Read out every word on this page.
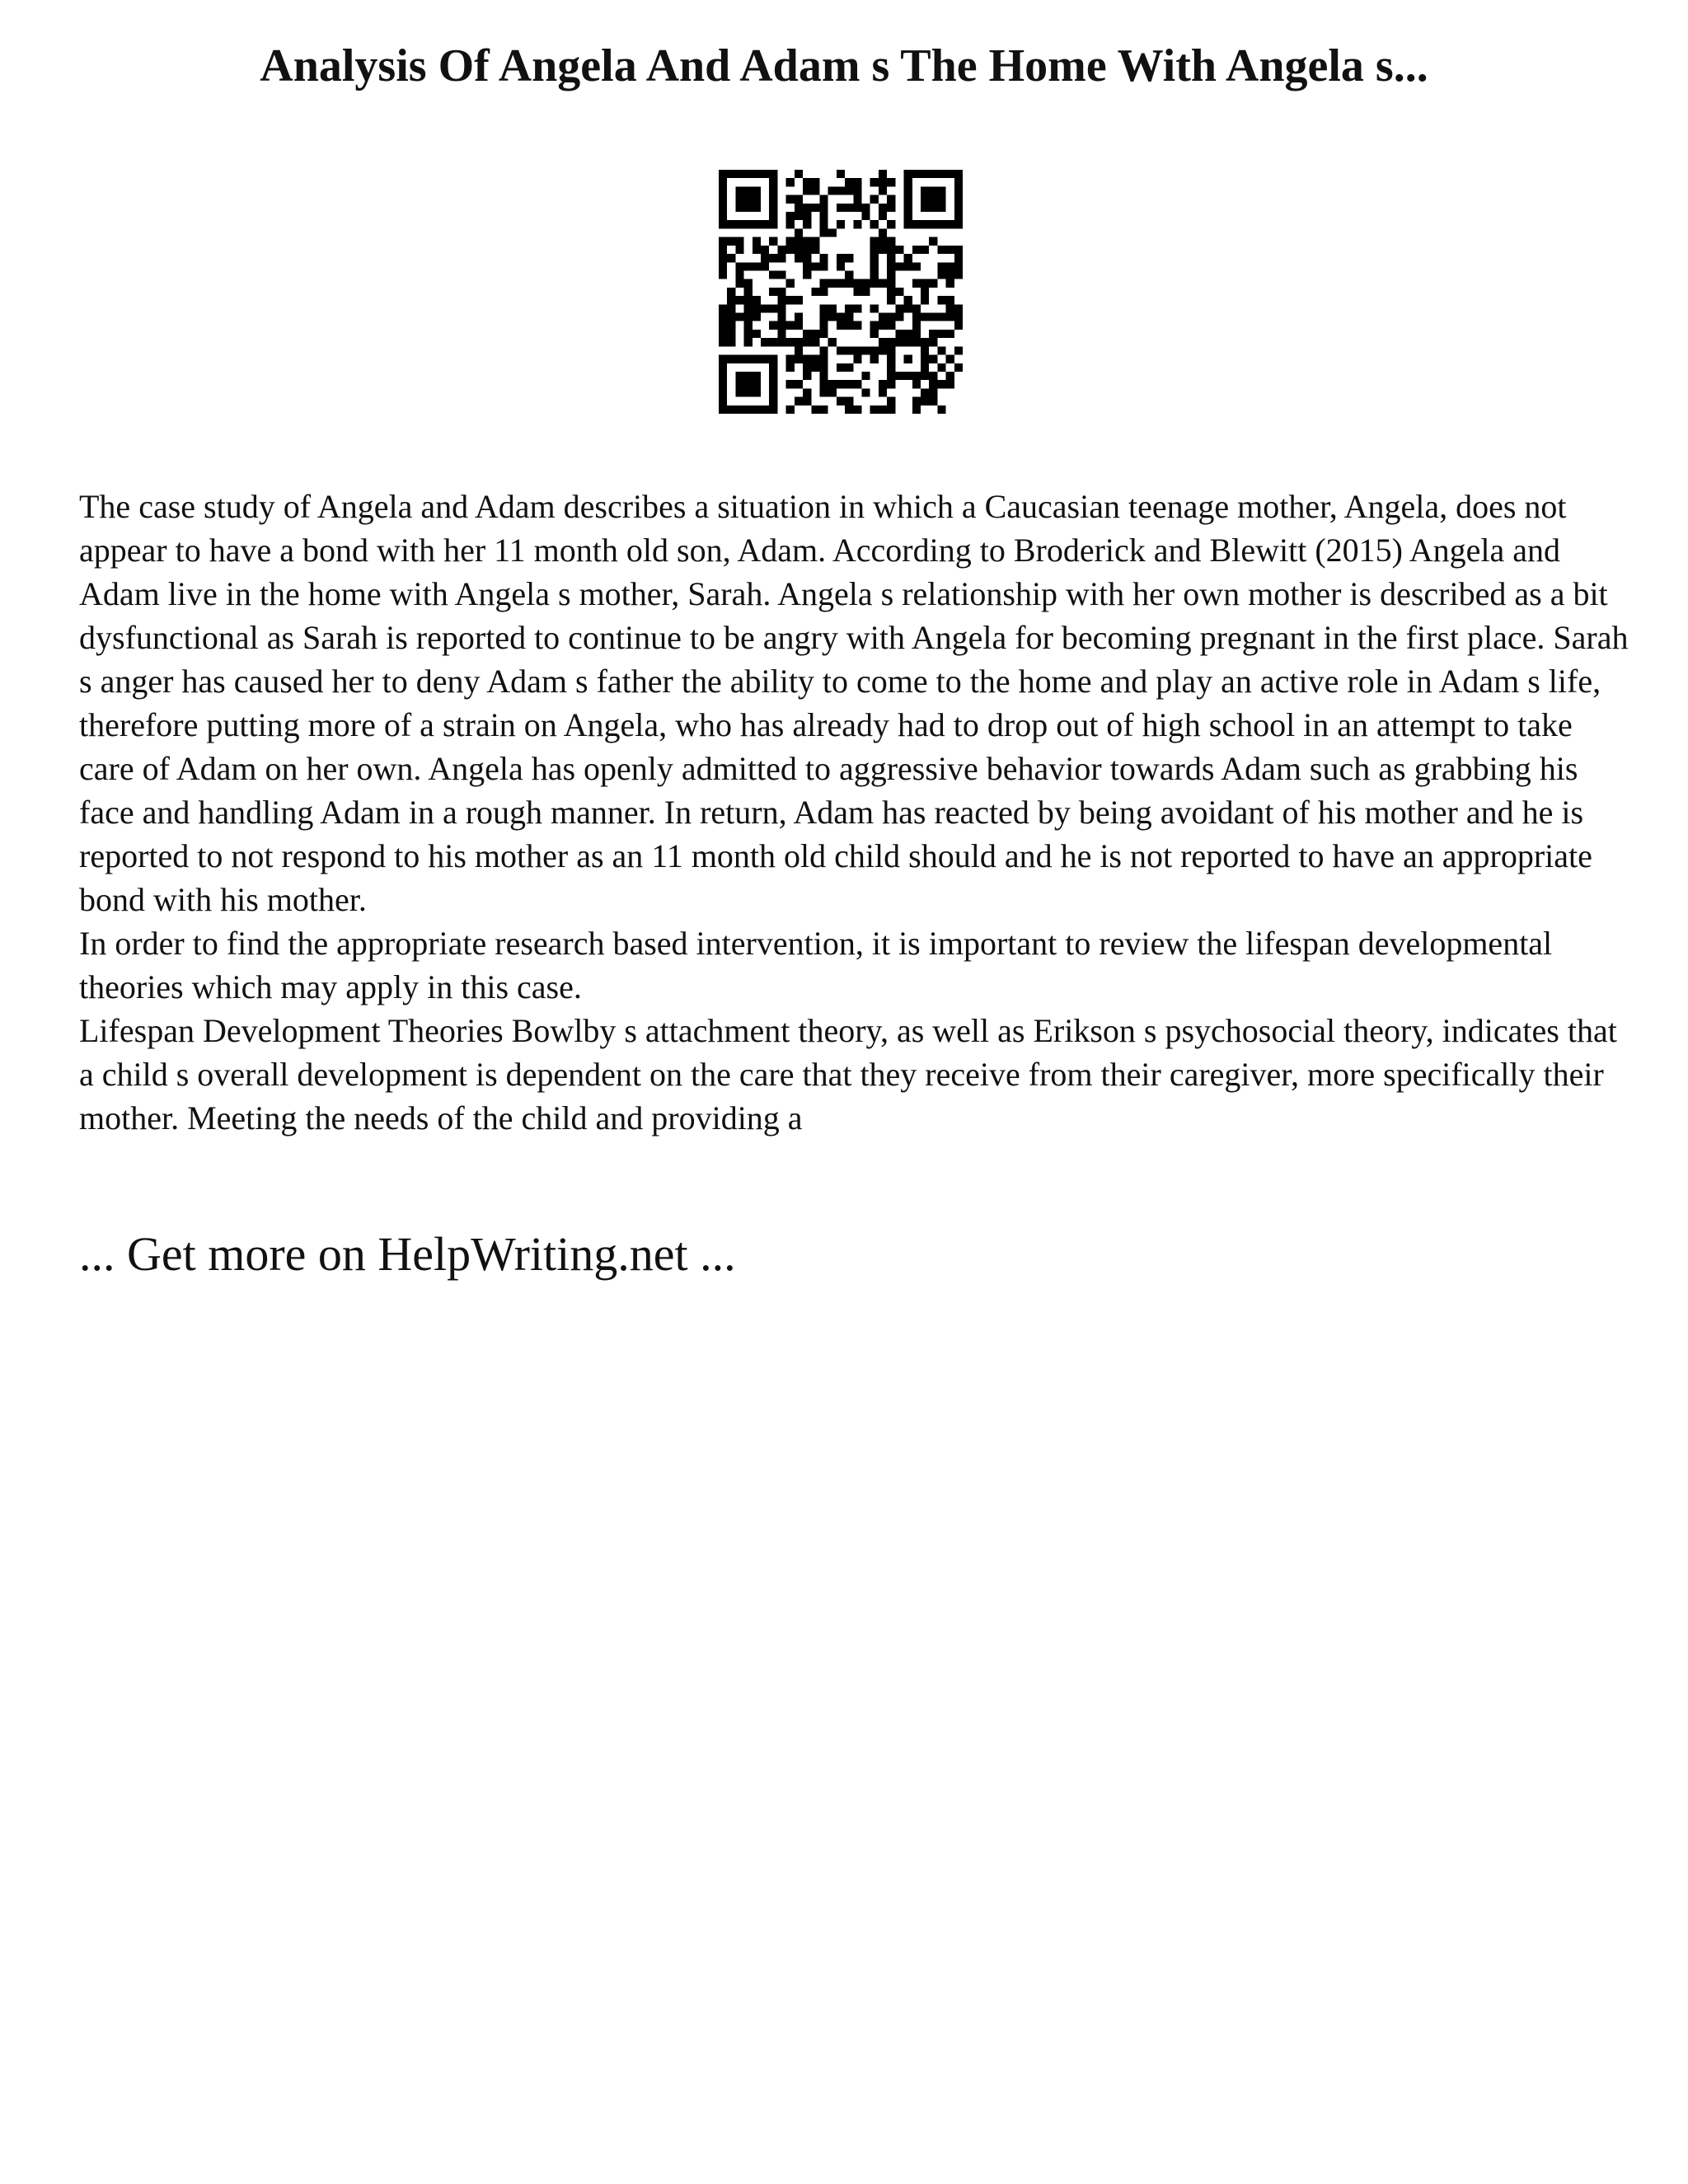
Analysis Of Angela And Adam s The Home With Angela s...

The case study of Angela and Adam describes a situation in which a Caucasian teenage mother, Angela, does not appear to have a bond with her 11 month old son, Adam. According to Broderick and Blewitt (2015) Angela and Adam live in the home with Angela s mother, Sarah. Angela s relationship with her own mother is described as a bit dysfunctional as Sarah is reported to continue to be angry with Angela for becoming pregnant in the first place. Sarah s anger has caused her to deny Adam s father the ability to come to the home and play an active role in Adam s life, therefore putting more of a strain on Angela, who has already had to drop out of high school in an attempt to take care of Adam on her own. Angela has openly admitted to aggressive behavior towards Adam such as grabbing his face and handling Adam in a rough manner. In return, Adam has reacted by being avoidant of his mother and he is reported to not respond to his mother as an 11 month old child should and he is not reported to have an appropriate bond with his mother.

In order to find the appropriate research based intervention, it is important to review the lifespan developmental theories which may apply in this case.

Lifespan Development Theories Bowlby s attachment theory, as well as Erikson s psychosocial theory, indicates that a child s overall development is dependent on the care that they receive from their caregiver, more specifically their mother. Meeting the needs of the child and providing a

... Get more on HelpWriting.net ...
